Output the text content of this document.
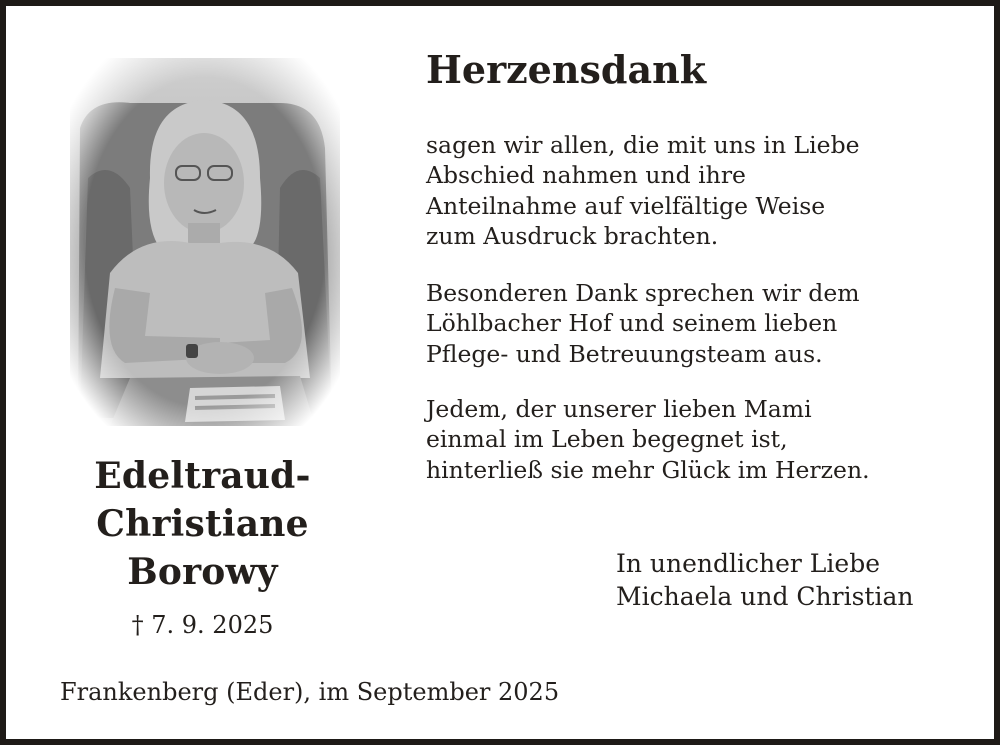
Edeltraud-
Christiane
Borowy
† 7. 9. 2025
Frankenberg (Eder), im September 2025
Herzensdank
sagen wir allen, die mit uns in Liebe
Abschied nahmen und ihre
Anteilnahme auf vielfältige Weise
zum Ausdruck brachten.
Besonderen Dank sprechen wir dem
Löhlbacher Hof und seinem lieben
Pflege- und Betreuungsteam aus.
Jedem, der unserer lieben Mami
einmal im Leben begegnet ist,
hinterließ sie mehr Glück im Herzen.
In unendlicher Liebe
Michaela und Christian
